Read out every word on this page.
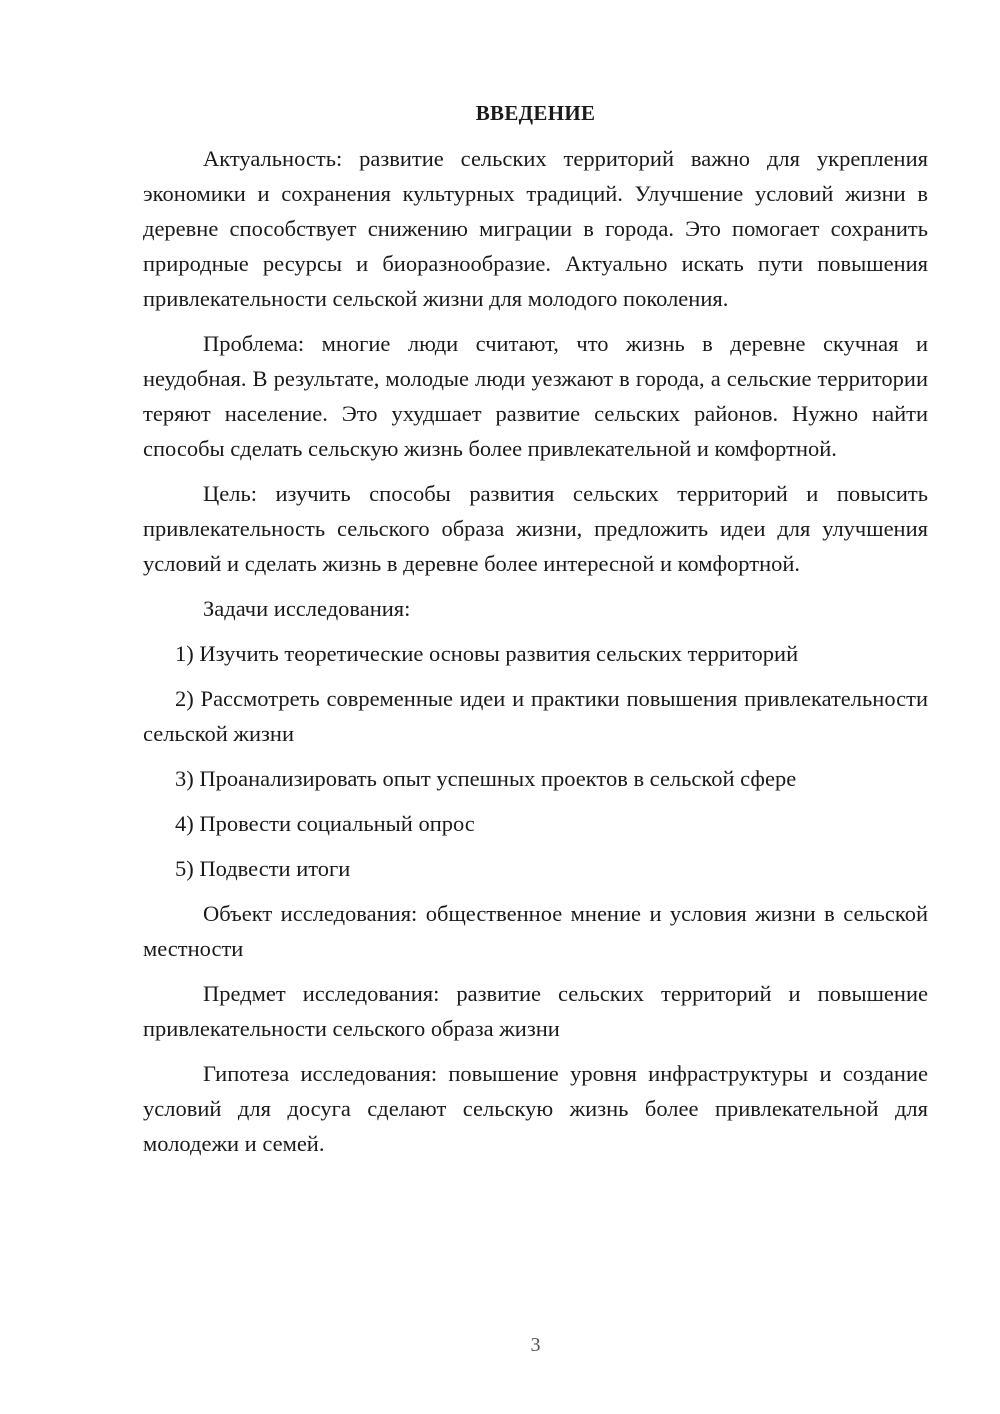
ВВЕДЕНИЕ

Актуальность: развитие сельских территорий важно для укрепления экономики и сохранения культурных традиций. Улучшение условий жизни в деревне способствует снижению миграции в города. Это помогает сохранить природные ресурсы и биоразнообразие. Актуально искать пути повышения привлекательности сельской жизни для молодого поколения.

Проблема: многие люди считают, что жизнь в деревне скучная и неудобная. В результате, молодые люди уезжают в города, а сельские территории теряют население. Это ухудшает развитие сельских районов. Нужно найти способы сделать сельскую жизнь более привлекательной и комфортной.

Цель: изучить способы развития сельских территорий и повысить привлекательность сельского образа жизни, предложить идеи для улучшения условий и сделать жизнь в деревне более интересной и комфортной.

Задачи исследования:

1) Изучить теоретические основы развития сельских территорий

2) Рассмотреть современные идеи и практики повышения привлекательности сельской жизни

3) Проанализировать опыт успешных проектов в сельской сфере

4) Провести социальный опрос

5) Подвести итоги

Объект исследования: общественное мнение и условия жизни в сельской местности

Предмет исследования: развитие сельских территорий и повышение привлекательности сельского образа жизни

Гипотеза исследования: повышение уровня инфраструктуры и создание условий для досуга сделают сельскую жизнь более привлекательной для молодежи и семей.

3
